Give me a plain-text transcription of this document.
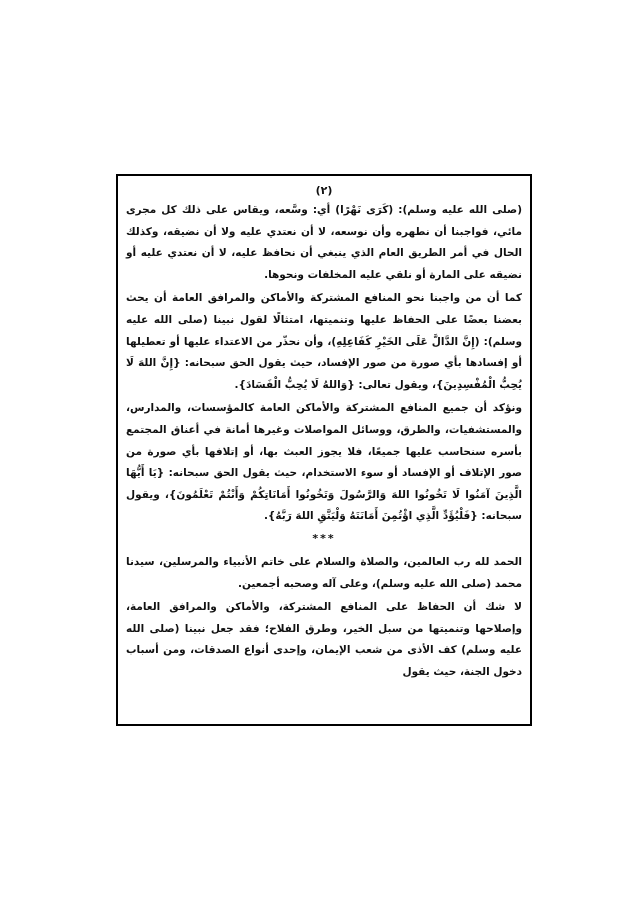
(٢)

(صلى الله عليه وسلم): (كَرَى نَهْرًا) أي: وسَّعه، ويقاس على ذلك كل مجرى مائي، فواجبنا أن نطهره وأن نوسعه، لا أن نعتدي عليه ولا أن نضيقه، وكذلك الحال في أمر الطريق العام الذي ينبغي أن نحافظ عليه، لا أن نعتدي عليه أو نضيقه على المارة أو نلقي عليه المخلفات ونحوها.

كما أن من واجبنا نحو المنافع المشتركة والأماكن والمرافق العامة أن يحث بعضنا بعضًا على الحفاظ عليها وتنميتها، امتثالًا لقول نبينا (صلى الله عليه وسلم): (إِنَّ الدَّالَّ عَلَى الخَيْرِ كَفَاعِلِهِ)، وأن نحذّر من الاعتداء عليها أو تعطيلها أو إفسادها بأي صورة من صور الإفساد، حيث يقول الحق سبحانه: {إِنَّ اللهَ لَا يُحِبُّ الْمُفْسِدِينَ}، ويقول تعالى: {وَاللهُ لَا يُحِبُّ الْفَسَادَ}.

ونؤكد أن جميع المنافع المشتركة والأماكن العامة كالمؤسسات، والمدارس، والمستشفيات، والطرق، ووسائل المواصلات وغيرها أمانة في أعناق المجتمع بأسره سنحاسب عليها جميعًا، فلا يجوز العبث بها، أو إتلافها بأي صورة من صور الإتلاف أو الإفساد أو سوء الاستخدام، حيث يقول الحق سبحانه: {يَا أَيُّهَا الَّذِينَ آمَنُوا لَا تَخُونُوا اللهَ وَالرَّسُولَ وَتَخُونُوا أَمَانَاتِكُمْ وَأَنْتُمْ تَعْلَمُونَ}، ويقول سبحانه: {فَلْيُؤَدِّ الَّذِي اؤْتُمِنَ أَمَانَتَهُ وَلْيَتَّقِ اللهَ رَبَّهُ}.

***

الحمد لله رب العالمين، والصلاة والسلام على خاتم الأنبياء والمرسلين، سيدنا محمد (صلى الله عليه وسلم)، وعلى آله وصحبه أجمعين.

لا شك أن الحفاظ على المنافع المشتركة، والأماكن والمرافق العامة، وإصلاحها وتنميتها من سبل الخير، وطرق الفلاح؛ فقد جعل نبينا (صلى الله عليه وسلم) كف الأذى من شعب الإيمان، وإحدى أنواع الصدقات، ومن أسباب دخول الجنة، حيث يقول
